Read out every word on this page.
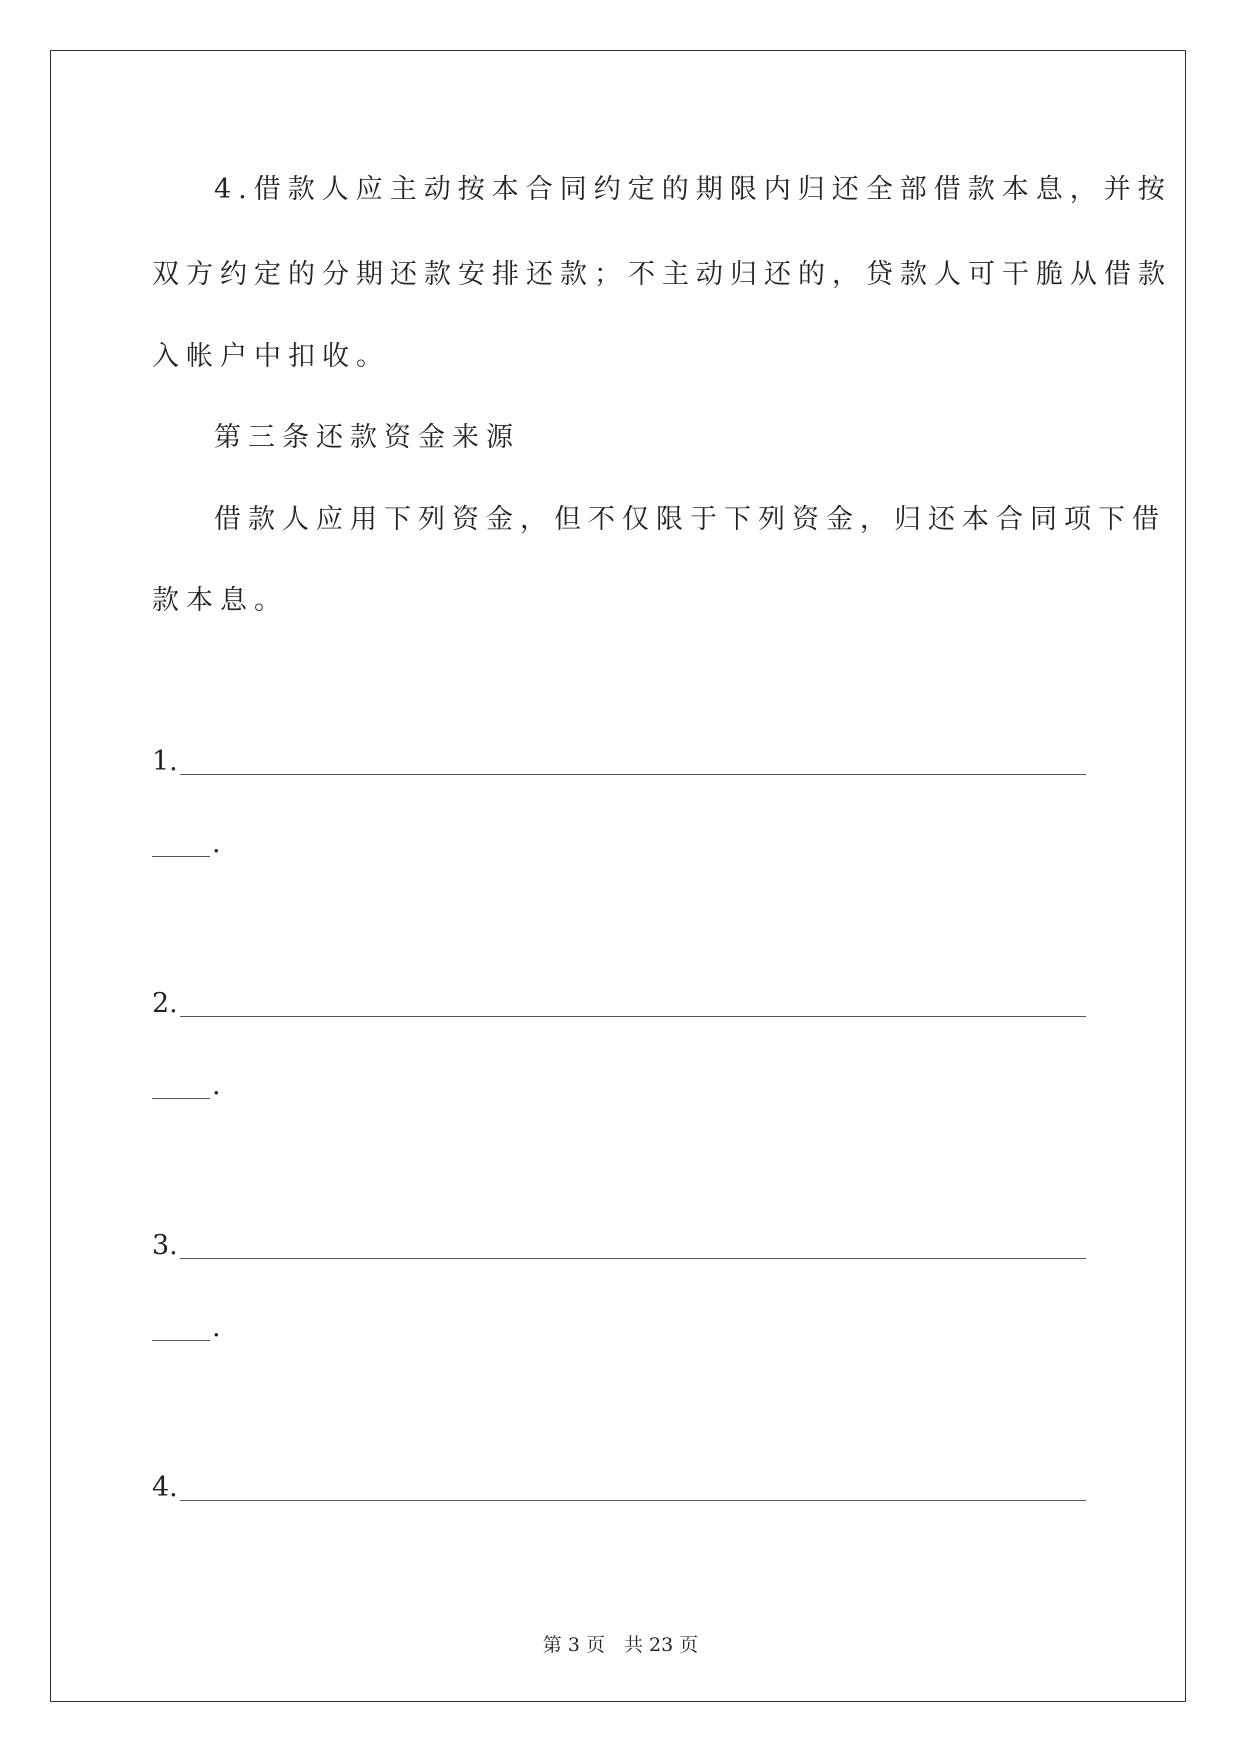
4.借款人应主动按本合同约定的期限内归还全部借款本息，并按
双方约定的分期还款安排还款；不主动归还的，贷款人可干脆从借款
入帐户中扣收。
第三条还款资金来源
借款人应用下列资金，但不仅限于下列资金，归还本合同项下借
款本息。
1.
.
2.
.
3.
.
4.
第 3 页　共 23 页
